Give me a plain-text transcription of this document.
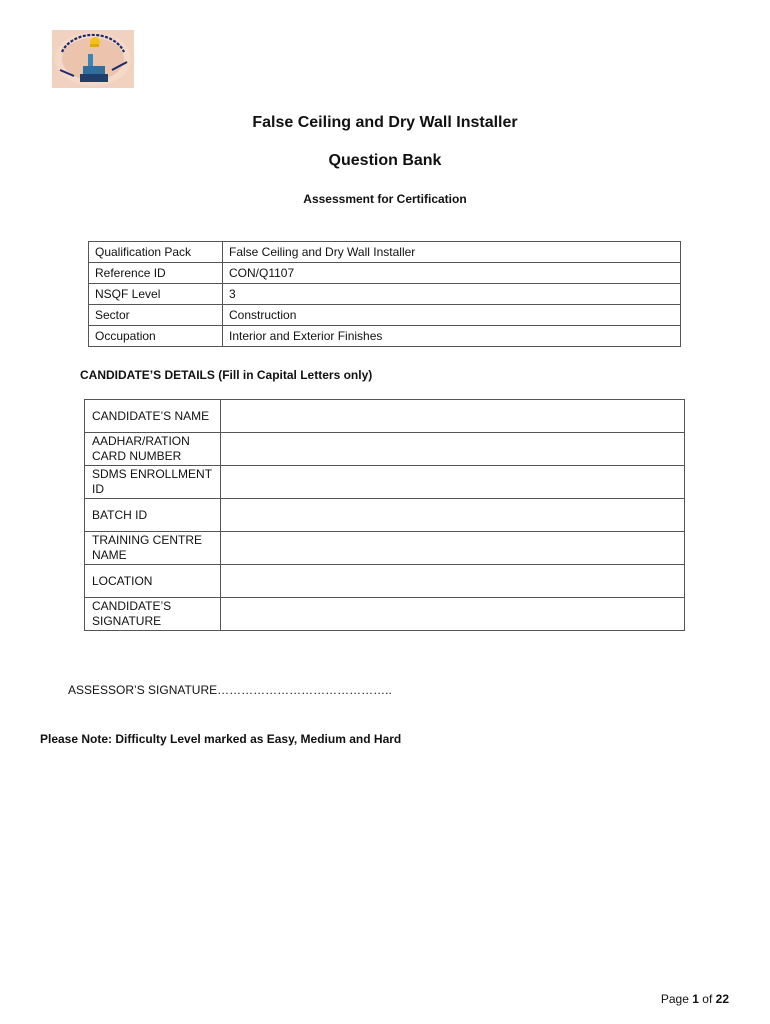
False Ceiling and Dry Wall Installer
Question Bank
Assessment for Certification
Qualification Pack	False Ceiling and Dry Wall Installer
Reference ID	CON/Q1107
NSQF Level	3
Sector	Construction
Occupation	Interior and Exterior Finishes
CANDIDATE’S DETAILS (Fill in Capital Letters only)
CANDIDATE’S NAME	
AADHAR/RATION CARD NUMBER	
SDMS ENROLLMENT ID	
BATCH ID	
TRAINING CENTRE NAME	
LOCATION	
CANDIDATE’S SIGNATURE	
ASSESSOR’S SIGNATURE……………………………………..
Please Note: Difficulty Level marked as Easy, Medium and Hard
Page 1 of 22
